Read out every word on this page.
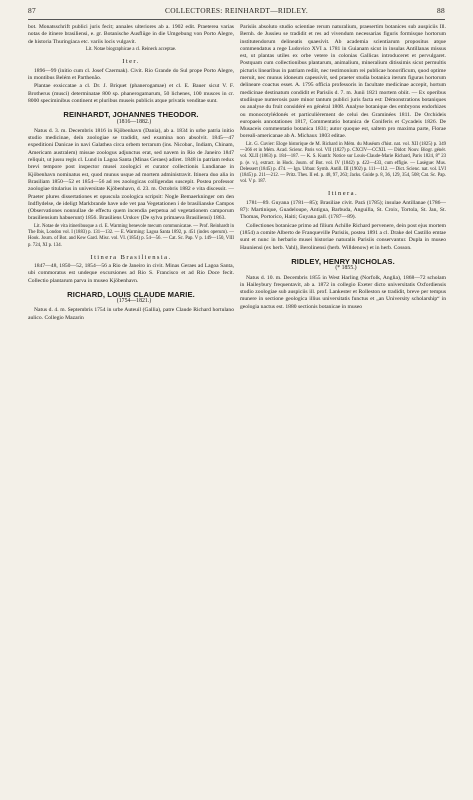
87	COLLECTORES: REINHARDT—RIDLEY.	88

bot. Monatsschrift publici juris fecit; annales ulteriores ab a. 1902 edit. Praeterea varias notas de itinere brasiliensi, e. gr. Botanische Ausflüge in die Umgebung von Porto Alegre, de historia Thuringiaca etc. variis locis vulgavit.

Lit. Notae biographicae a cl. Reineck acceptae.

Iter.

1896—99 (initio cum cl. Josef Czermak). Civit. Rio Grande do Sul prope Porto Alegre, in montibus Belém et Parthenão.

Plantae exsiccatae a cl. Dr. J. Briquet (phanerogamae) et cl. E. Bauer sicut V. F. Brotherus (musci) determinatae 800 sp. phanerogamarum, 50 lichenes, 100 musces in cr. 8000 speciminibus continent et pluribus museis publicis atque privatis venditae sunt.

REINHARDT, JOHANNES THEODOR.

(1816—1882.)

Natus d. 3. m. Decembris 1816 in Kjöbenhavn (Dania), ab a. 1834 in urbe patria initio studio medicinae, deín zoologiae se tradidit, sed examina non absolvit. 1845—47 expeditioni Danicae in navi Galathea circa orbem terrarum (ins. Nicobar., Indiam, Chinam, Americam australem) missae zoologus adjunctus erat, sed navem in Rio de Janeiro 1847 reliquit, ut jussu regis cl. Lund in Lagoa Santa (Minas Geraes) adiret. 1848 in patriam redux brevi tempore post inspector musei zoologici et curator collectionis Lundianae in Kjöbenhavn nominatus est, quod munus usque ad mortem administravit. Itinera duo alia in Brasiliam 1850—52 et 1854—56 ad res zoologicas colligendas suscepit. Postea professor zoologiae titularius in universitate Kjöbenhavn, d. 23. m. Octobris 1882 e vita discessit. — Praeter plures dissertationes et opuscula zoologica scripsit: Nogle Bemaerkninger om den Indflydelse, de ideligt Markbrande have ude vet paa Vegetationen i de brasilianske Campos (Observationes nonnullae de effectu quem incendia perpetua ad vegetationem camporum brasiliensium habuerunt) 1856. Brasiliens Urskov (De sylva primaeva Brasiliensi) 1863.

Lit. Notae de vita itineribusque a cl. E. Warming benevole mecum communicatae. — Prof. Reinhardt in The Ibis, London vol. I (1883) p. 131—132. — E. Warming: Lagoa Santa 1892, p. 451 (index operum). — Hook. Journ. of Bot. and Kew Gard. Misc. vol. VI. (1854) p. 54—56. — Cat. Sc. Pap. V p. 149—150, VIII p. 724, XI p. 134.

Itinera Brasiliensia.

1847—48, 1850—52, 1854—56 a Rio de Janeiro in civit. Minas Geraes ad Lagoa Santa, ubi commoratus est undeque excursiones ad Rio S. Francisco et ad Rio Doce fecit. Collectio plantarum parva in museo Kjöbenhavn.

RICHARD, LOUIS CLAUDE MARIE.

(1754—1821.)

Natus d. 4. m. Septembris 1754 in urbe Auteuil (Gallia), patre Claude Richard hortulano aulico. Collegio Mazarin

Parisiis absoluto studio scientiae rerum naturalium, praesertim botanices sub auspiciis Ill. Bernh. de Jussieu se tradidit et res ad vivendum necessarias figuris formisque hortorum institutendorum delineatis quaesivit. Ab academia scientiarum propositus atque commendatus a rege Ludovico XVI a. 1781 in Guianam sicut in insulas Antillanas missus est, ut plantas utiles ex orbe vetere in colonias Gallicas introduceret et pervulgaret. Postquam cum collectionibus plantarum, animalium, mineralium ditissimis sicut permultis picturis linearibus in patriam rediit, nec testimonium rei publicae honorificum, quod optime meruit, nec munus idoneum capessivit, sed praeter studia botanica iterum figuras hortorum delineare coactus esset. A. 1795 officia professoris in facultate medicinae accepit, hortum medicinae destinatum condidit et Parisiis d. 7. m. Junii 1821 mortem obiit. — Ex operibus studiisque numerosis pare minor tantum publici juris facta est: Démonstrations botaniques ou analyse du fruit considéré en général 1808. Analyse botanique des embryons endorhizes ou monocotylédonés et particulièrement de celui des Graminées 1811. De Orchideis europaeis annotationes 1817, Commentatio botanica de Coniferis et Cycadeis 1826. De Musaceis commentatio botanica 1831; autor quoque est, saltem pro maxima parte, Florae boreali-americanae ab A. Michaux 1803 editae.

Lit. G. Cuvier: Eloge historique de M. Richard in Mém. du Muséum d'hist. nat. vol. XII (1825) p. 349—366 et in Mém. Acad. Scienc. Paris vol. VII (1827) p. CXCIV—CCXII. — Didot: Nouv. Biogr. génér. vol. XLII (1863) p. 184—187. — K. S. Kunth: Notice sur Louis-Claude-Marie Richard, Paris 1824, 8° 23 p. (e. v.), extract. in Hock. Journ. of Bot. vol. IV (1842) p. 422—433, cum effigie. — Lasègue: Mus. Delessert (1845) p. 474. — Ign. Urban: Symb. Antill. III (1902) p. 111—112. — Dict. Scienc. nat. vol. LVI (1845) p. 211—212. — Pritz. Thes. II ed. p. 48, 97, 263; Jacks. Guide p. 8, 36, 129, 354, 508; Cat. Sc. Pap. vol. V p. 187.

Itinera.

1781—89. Guyana (1781—85); Brasiliae civit. Pará (1785); insulae Antillanae (1786—87): Martinique, Guadeloupe, Antigua, Barbuda, Anguilla, St. Croix, Tortola, St. Jan, St. Thomas, Portorico, Haiti; Guyana gall. (1787—89).

Collectiones botanicae primo ad filium Achille Richard pervenere, dein post ejus mortem (1854) a comite Alberto de Franqueville Parisiis, postea 1891 a cl. Drake del Castillo emtae sunt et nunc in herbario musei historiae naturalis Parisiis conservantur. Dupla in museo Hauniensi (ex herb. Vahl), Berolinensi (herb. Willdenow) et in herb. Cosson.

RIDLEY, HENRY NICHOLAS.

(* 1855.)

Natus d. 10. m. Decembris 1855 in West Harling (Norfolk, Anglia), 1868—72 scholam in Haileybury frequentavit, ab a. 1872 in collegio Exeter dicto universitatis Oxfordiensis studio zoologiae sub auspiciis ill. prof. Lankester et Rolleston se tradidit, breve per tempus munere in sectione geologica illius universitatis functus et „an University scholarship“ in geologia nactus est. 1880 sectionis botanicae in museo
